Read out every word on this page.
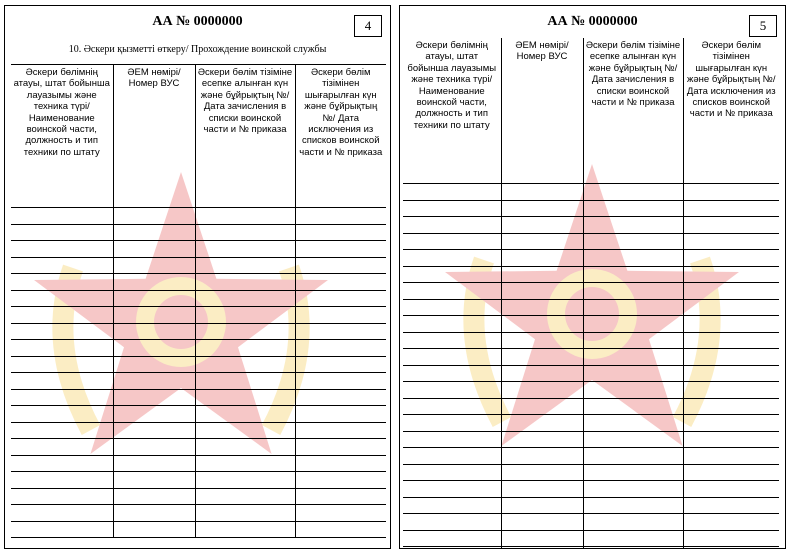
АА № 0000000	4
10. Әскери қызметті өткеру/ Прохождение воинской службы
Әскери бөлімнің атауы, штат бойынша лауазымы және техника түрі/ Наименование воинской части, должность и тип техники по штату	ӘЕМ нөмірі/ Номер ВУС	Әскери бөлім тізіміне есепке алынған күн және бұйрықтың №/ Дата зачисления в списки воинской части и № приказа	Әскери бөлім тізімінен шығарылған күн және бұйрықтың №/ Дата исключения из списков воинской части и № приказа

АА № 0000000	5
Әскери бөлімнің атауы, штат бойынша лауазымы және техника түрі/ Наименование воинской части, должность и тип техники по штату	ӘЕМ нөмірі/ Номер ВУС	Әскери бөлім тізіміне есепке алынған күн және бұйрықтың №/ Дата зачисления в списки воинской части и № приказа	Әскери бөлім тізімінен шығарылған күн және бұйрықтың №/ Дата исключения из списков воинской части и № приказа
